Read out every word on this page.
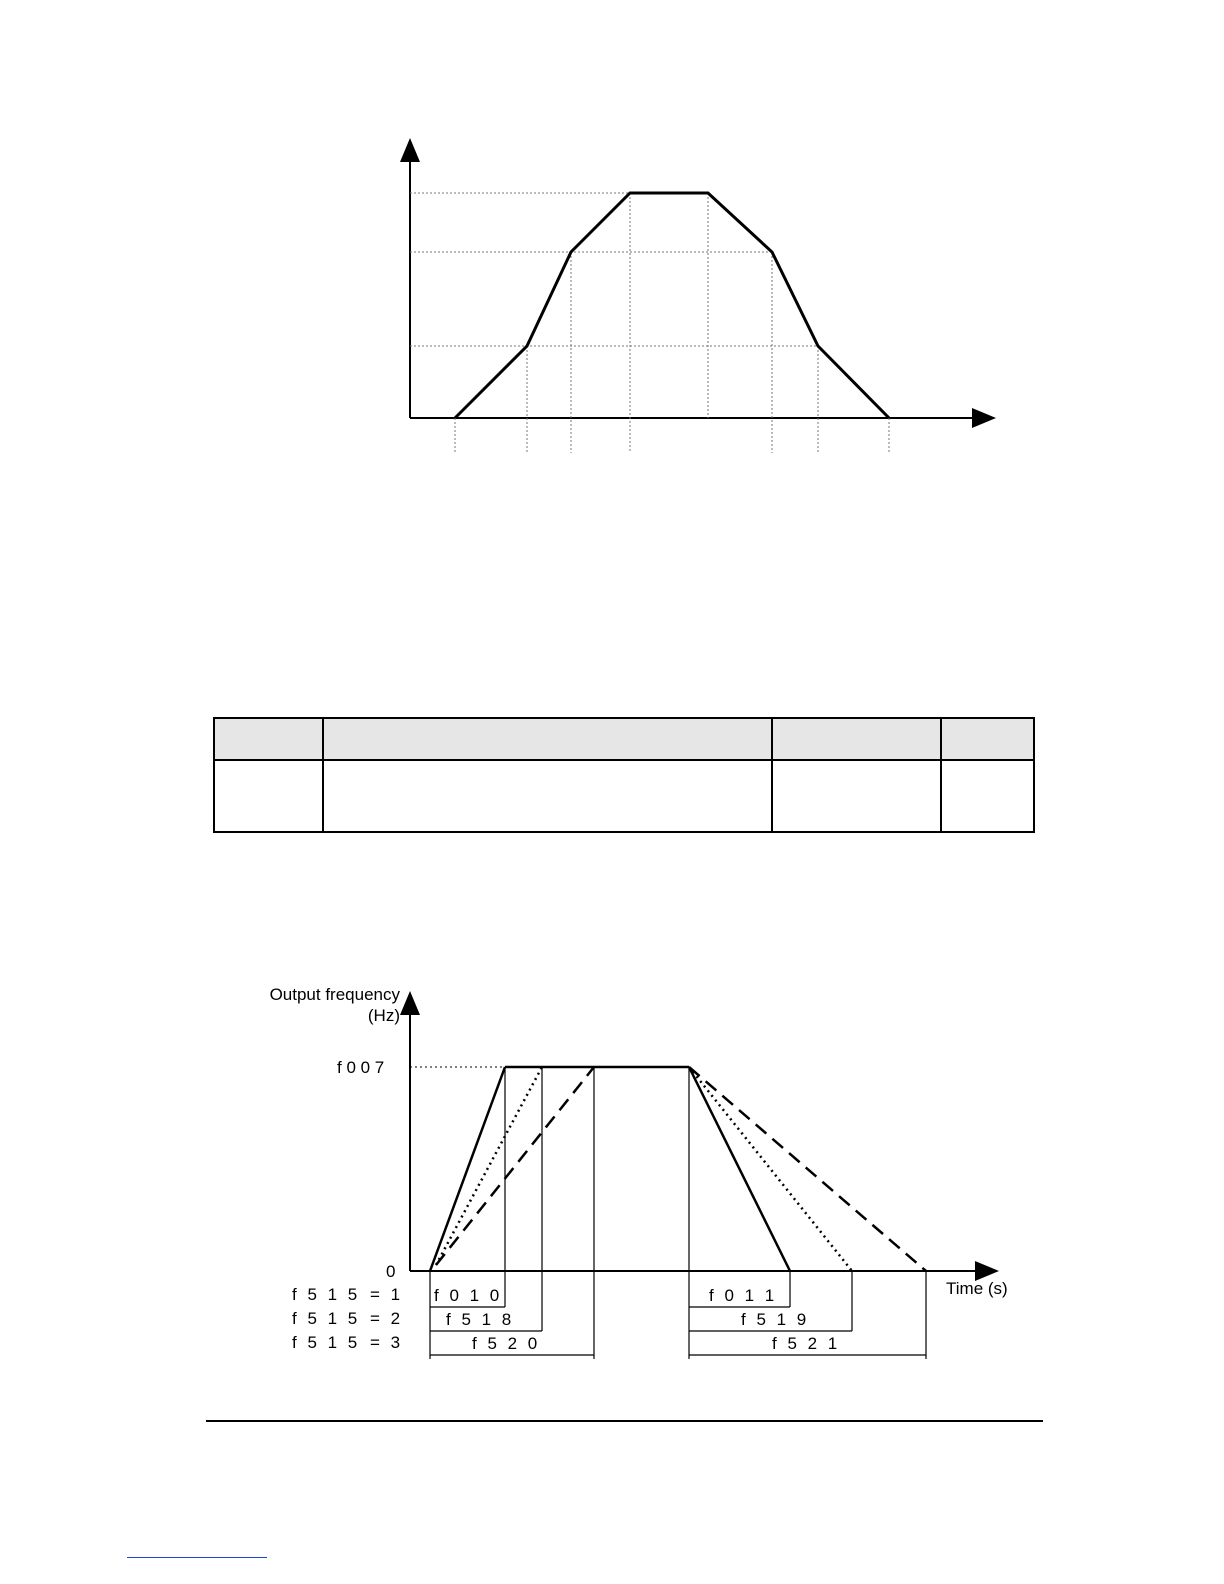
Output frequency
(Hz)
Time (s)
f 0 0 7
0
f 5 1 5 = 1 f 0 1 0	f 0 1 1
f 5 1 5 = 2	f 5 1 8	f 5 1 9
f 5 1 5 = 3	f 5 2 0	f 5 2 1
